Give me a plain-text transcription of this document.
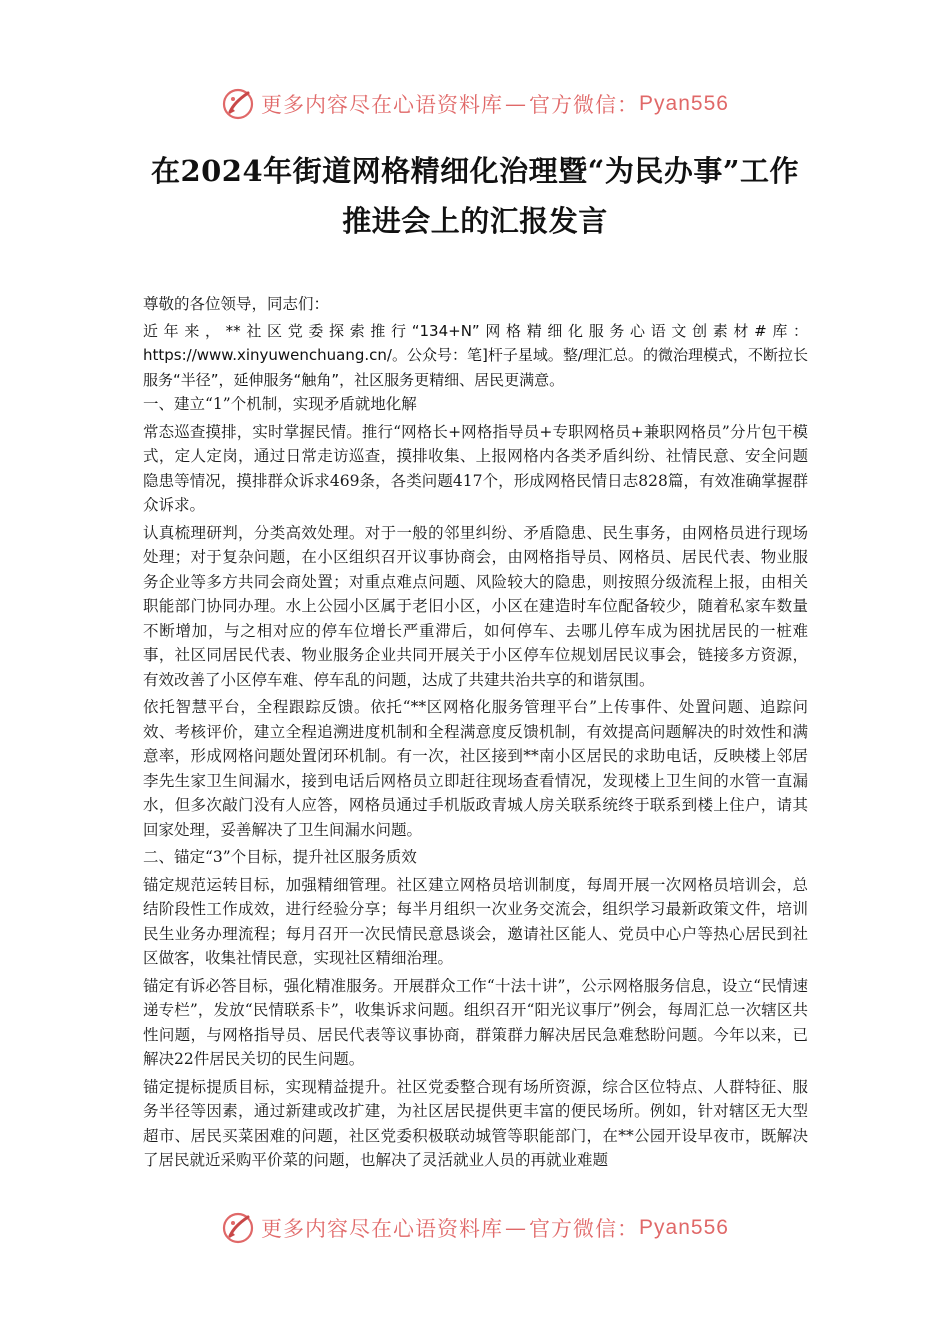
更多内容尽在心语资料库 — 官方微信： Pyan556
在2024年街道网格精细化治理暨“为民办事”工作
推进会上的汇报发言

尊敬的各位领导，同志们：

近年来，**社区党委探索推行“134+N”网格精细化服务心语文创素材#库：https://www.xinyuwenchuang.cn/。公众号：笔]杆子星域。整/理汇总。的微治理模式，不断拉长服务“半径”，延伸服务“触角”，社区服务更精细、居民更满意。

一、建立“1”个机制，实现矛盾就地化解

常态巡查摸排，实时掌握民情。推行“网格长+网格指导员+专职网格员+兼职网格员”分片包干模式，定人定岗，通过日常走访巡查，摸排收集、上报网格内各类矛盾纠纷、社情民意、安全问题隐患等情况，摸排群众诉求469条，各类问题417个，形成网格民情日志828篇，有效准确掌握群众诉求。

认真梳理研判，分类高效处理。对于一般的邻里纠纷、矛盾隐患、民生事务，由网格员进行现场处理；对于复杂问题，在小区组织召开议事协商会，由网格指导员、网格员、居民代表、物业服务企业等多方共同会商处置；对重点难点问题、风险较大的隐患，则按照分级流程上报，由相关职能部门协同办理。水上公园小区属于老旧小区，小区在建造时车位配备较少，随着私家车数量不断增加，与之相对应的停车位增长严重滞后，如何停车、去哪儿停车成为困扰居民的一桩难事，社区同居民代表、物业服务企业共同开展关于小区停车位规划居民议事会，链接多方资源，有效改善了小区停车难、停车乱的问题，达成了共建共治共享的和谐氛围。

依托智慧平台，全程跟踪反馈。依托“**区网格化服务管理平台”上传事件、处置问题、追踪问效、考核评价，建立全程追溯进度机制和全程满意度反馈机制，有效提高问题解决的时效性和满意率，形成网格问题处置闭环机制。有一次，社区接到**南小区居民的求助电话，反映楼上邻居李先生家卫生间漏水，接到电话后网格员立即赶往现场查看情况，发现楼上卫生间的水管一直漏水，但多次敲门没有人应答，网格员通过手机版政青城人房关联系统终于联系到楼上住户，请其回家处理，妥善解决了卫生间漏水问题。

二、锚定“3”个目标，提升社区服务质效

锚定规范运转目标，加强精细管理。社区建立网格员培训制度，每周开展一次网格员培训会，总结阶段性工作成效，进行经验分享；每半月组织一次业务交流会，组织学习最新政策文件，培训民生业务办理流程；每月召开一次民情民意恳谈会，邀请社区能人、党员中心户等热心居民到社区做客，收集社情民意，实现社区精细治理。

锚定有诉必答目标，强化精准服务。开展群众工作“十法十讲”，公示网格服务信息，设立“民情速递专栏”，发放“民情联系卡”，收集诉求问题。组织召开“阳光议事厅”例会，每周汇总一次辖区共性问题，与网格指导员、居民代表等议事协商，群策群力解决居民急难愁盼问题。今年以来，已解决22件居民关切的民生问题。

锚定提标提质目标，实现精益提升。社区党委整合现有场所资源，综合区位特点、人群特征、服务半径等因素，通过新建或改扩建，为社区居民提供更丰富的便民场所。例如，针对辖区无大型超市、居民买菜困难的问题，社区党委积极联动城管等职能部门，在**公园开设早夜市，既解决了居民就近采购平价菜的问题，也解决了灵活就业人员的再就业难题

更多内容尽在心语资料库 — 官方微信： Pyan556
